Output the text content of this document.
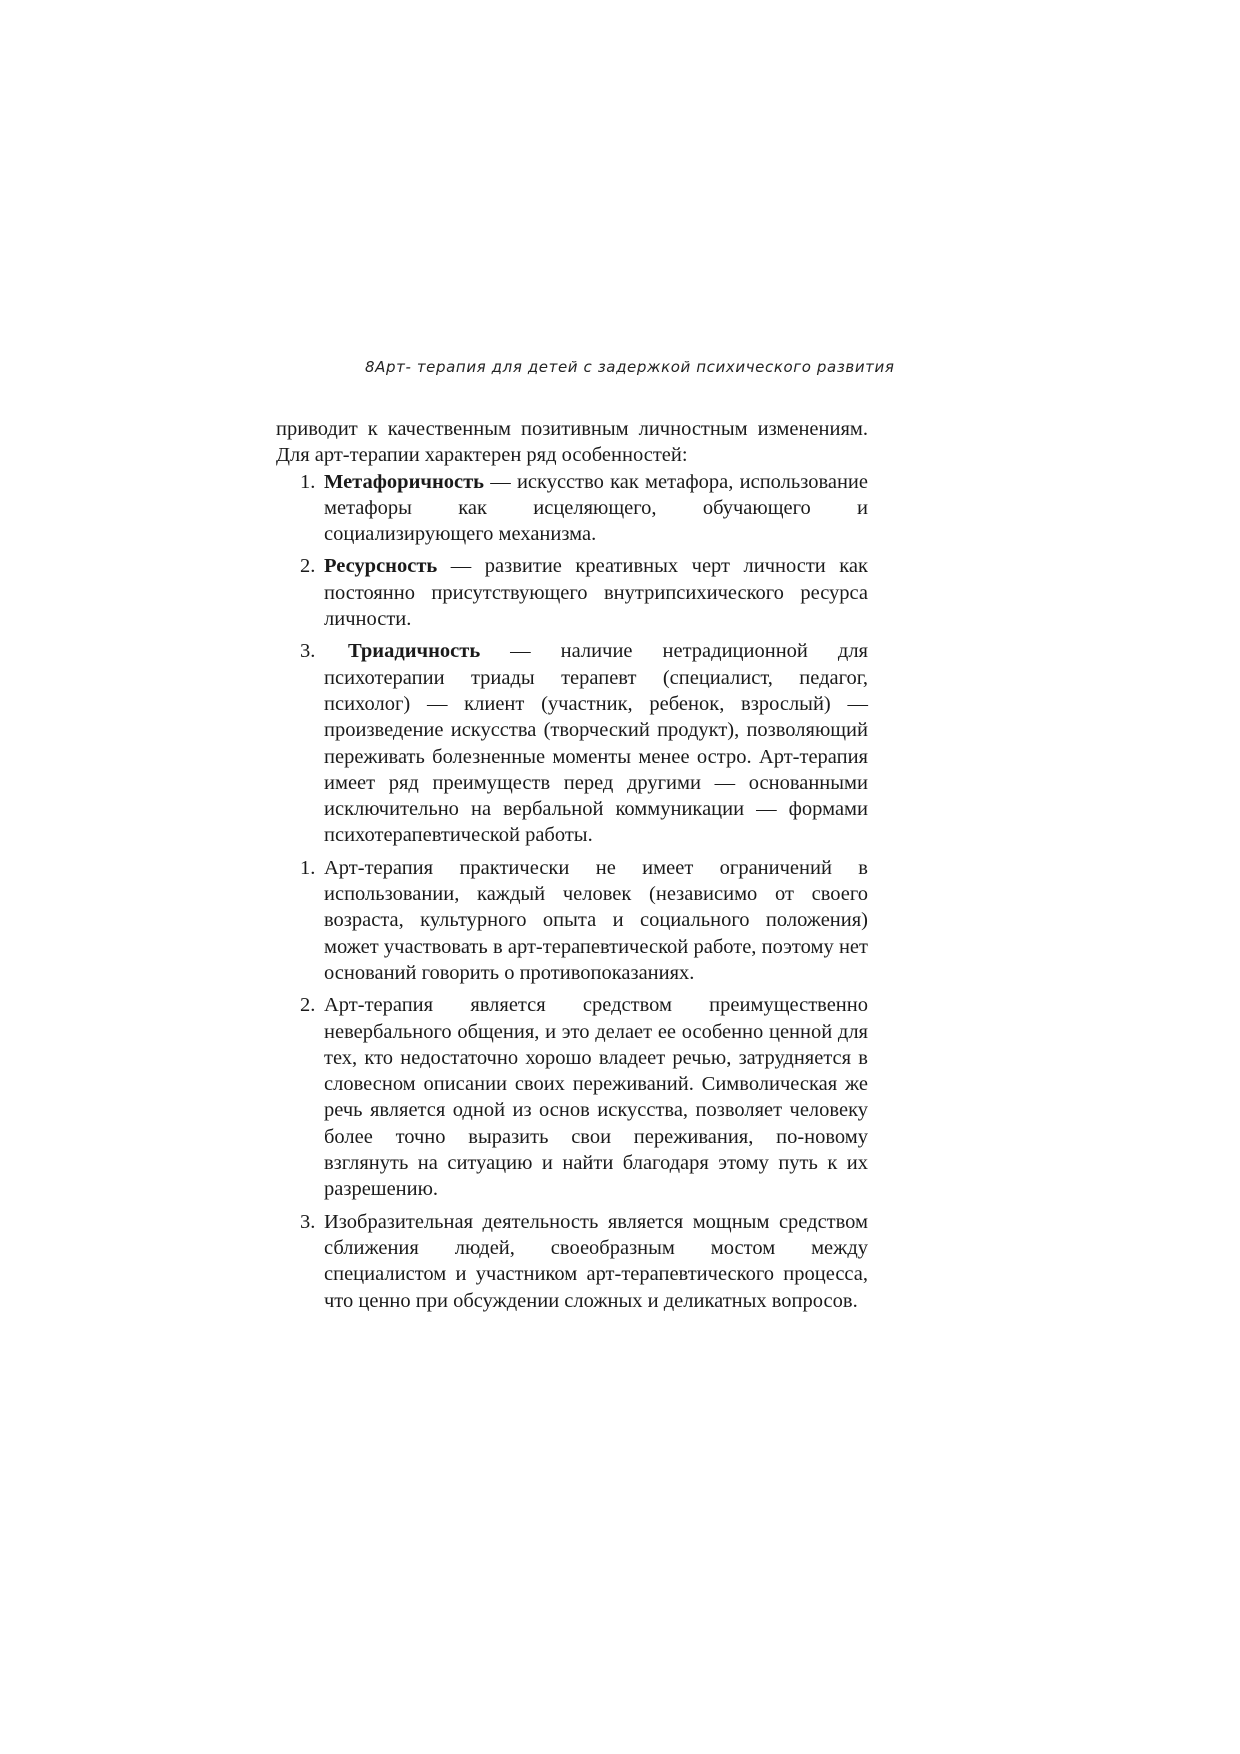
8Арт- терапия для детей с задержкой психического развития

приводит к качественным позитивным личностным изменениям. Для арт-терапии характерен ряд особенностей:

1. Метафоричность — искусство как метафора, использование метафоры как исцеляющего, обучающего и социализирующего механизма.
2. Ресурсность — развитие креативных черт личности как постоянно присутствующего внутрипсихического ресурса личности.
3. Триадичность — наличие нетрадиционной для психотерапии триады терапевт (специалист, педагог, психолог) — клиент (участник, ребенок, взрослый) — произведение искусства (творческий продукт), позволяющий переживать болезненные моменты менее остро. Арт-терапия имеет ряд преимуществ перед другими — основанными исключительно на вербальной коммуникации — формами психотерапевтической работы.
1. Арт-терапия практически не имеет ограничений в использовании, каждый человек (независимо от своего возраста, культурного опыта и социального положения) может участвовать в арт-терапевтической работе, поэтому нет оснований говорить о противопоказаниях.
2. Арт-терапия является средством преимущественно невербального общения, и это делает ее особенно ценной для тех, кто недостаточно хорошо владеет речью, затрудняется в словесном описании своих переживаний. Символическая же речь является одной из основ искусства, позволяет человеку более точно выразить свои переживания, по-новому взглянуть на ситуацию и найти благодаря этому путь к их разрешению.
3. Изобразительная деятельность является мощным средством сближения людей, своеобразным мостом между специалистом и участником арт-терапевтического процесса, что ценно при обсуждении сложных и деликатных вопросов.
